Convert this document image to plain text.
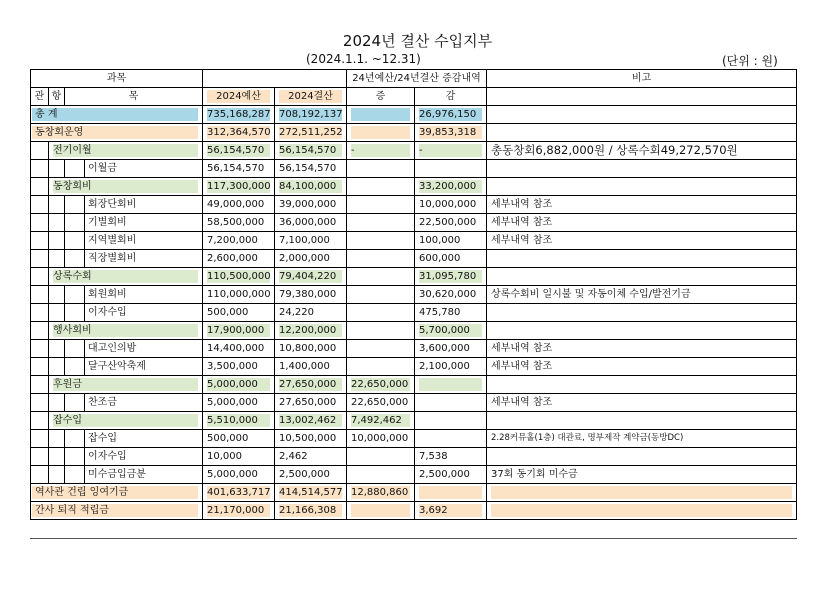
2024년 결산 수입지부
(2024.1.1. ~12.31)	(단위 : 원)
과목						24년예산/24년결산 증감내역		비고
관	항	목		2024예산	2024결산	증	감	

총 계				735,168,287	708,192,137		26,976,150	

동창회운영				312,364,570	272,511,252		39,853,318	

	전기이월			56,154,570	56,154,570	-	-	총동창회6,882,000원 / 상록수회49,272,570원
			이월금	56,154,570	56,154,570			

	동창회비			117,300,000	84,100,000		33,200,000	

			회장단회비	49,000,000	39,000,000		10,000,000	세부내역 참조
			기별회비	58,500,000	36,000,000		22,500,000	세부내역 참조
			지역별회비	7,200,000	7,100,000		100,000	세부내역 참조
			직장별회비	2,600,000	2,000,000		600,000	

	상록수회			110,500,000	79,404,220		31,095,780	

			회원회비	110,000,000	79,380,000		30,620,000	상록수회비 일시불 및 자동이체 수입/발전기금
			이자수입	500,000	24,220		475,780	

	행사회비			17,900,000	12,200,000		5,700,000	

			대고인의밤	14,400,000	10,800,000		3,600,000	세부내역 참조
			달구산악축제	3,500,000	1,400,000		2,100,000	세부내역 참조

	후원금			5,000,000	27,650,000	22,650,000		

			찬조금	5,000,000	27,650,000	22,650,000		세부내역 참조

	잡수입			5,510,000	13,002,462	7,492,462		

			잡수입	500,000	10,500,000	10,000,000		2.28커뮤홀(1층) 대관료, 명부제작 계약금(동방DC)
			이자수입	10,000	2,462		7,538	

			미수금입금분	5,000,000	2,500,000		2,500,000	37회 동기회 미수금

역사관 건립 잉여기금				401,633,717	414,514,577	12,880,860		

간사 퇴직 적립금				21,170,000	21,166,308		3,692	
